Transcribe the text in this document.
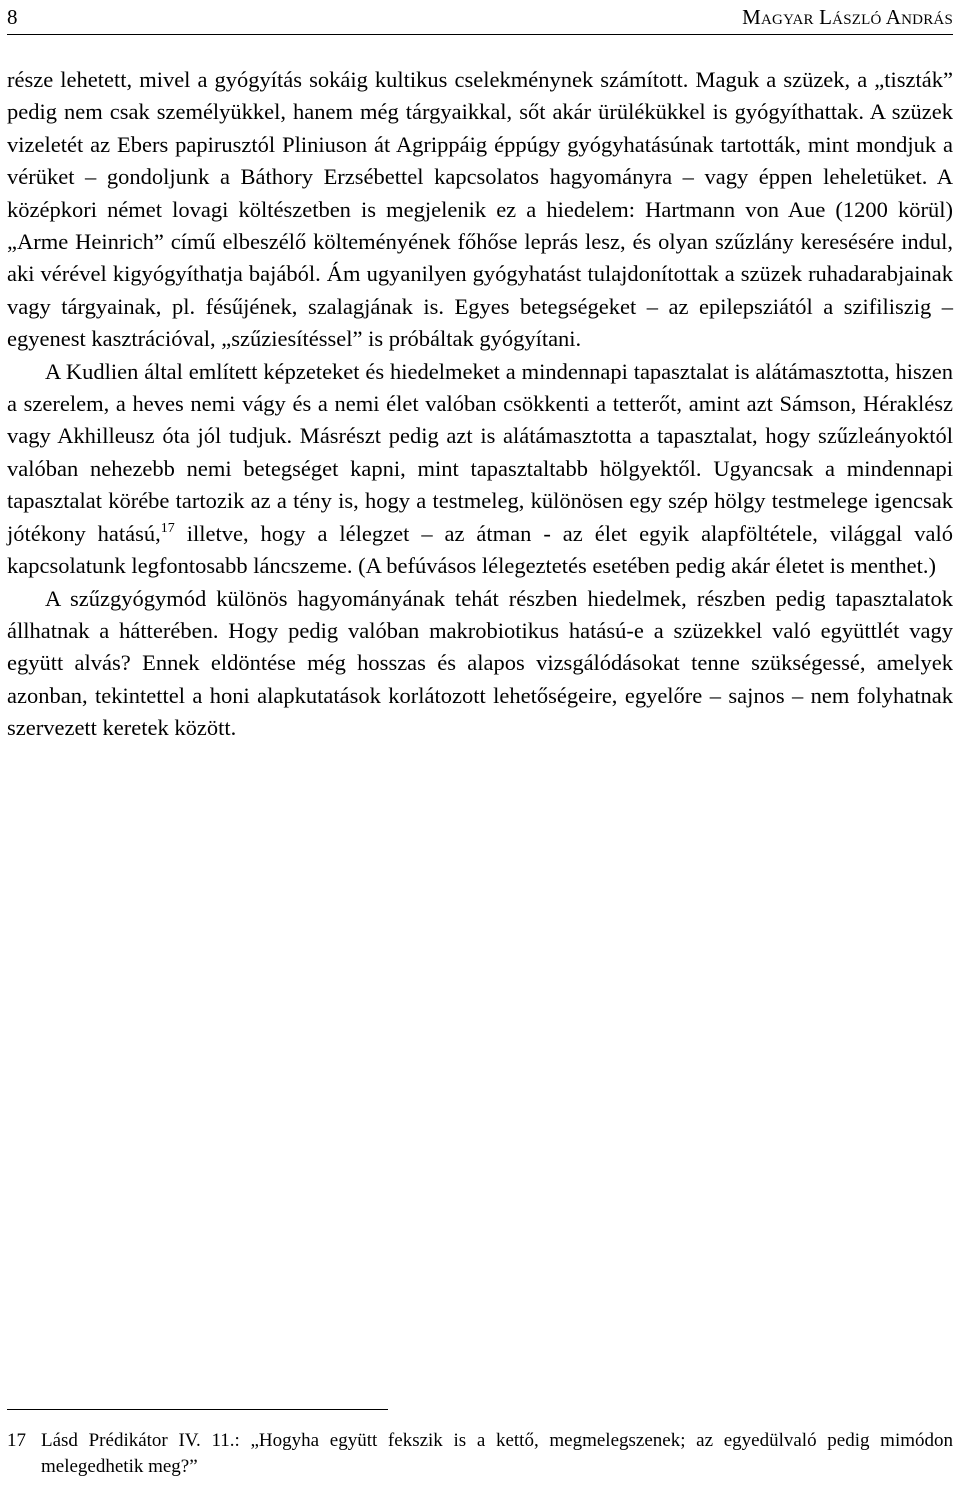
8	Magyar László András

része lehetett, mivel a gyógyítás sokáig kultikus cselekménynek számított. Maguk a szüzek, a „tiszták” pedig nem csak személyükkel, hanem még tárgyaikkal, sőt akár ürülékükkel is gyógyíthattak. A szüzek vizeletét az Ebers papirusztól Pliniuson át Agrippáig éppúgy gyógyhatásúnak tartották, mint mondjuk a vérüket – gondoljunk a Báthory Erzsébettel kapcsolatos hagyományra – vagy éppen leheletüket. A középkori német lovagi költészetben is megjelenik ez a hiedelem: Hartmann von Aue (1200 körül) „Arme Heinrich” című elbeszélő költeményének főhőse leprás lesz, és olyan szűzlány keresésére indul, aki vérével kigyógyíthatja bajából. Ám ugyanilyen gyógyhatást tulajdonítottak a szüzek ruhadarabjainak vagy tárgyainak, pl. fésűjének, szalagjának is. Egyes betegségeket – az epilepsziától a szifiliszig – egyenest kasztrációval, „szűziesítéssel” is próbáltak gyógyítani.

A Kudlien által említett képzeteket és hiedelmeket a mindennapi tapasztalat is alátámasztotta, hiszen a szerelem, a heves nemi vágy és a nemi élet valóban csökkenti a tetterőt, amint azt Sámson, Héraklész vagy Akhilleusz óta jól tudjuk. Másrészt pedig azt is alátámasztotta a tapasztalat, hogy szűzleányoktól valóban nehezebb nemi betegséget kapni, mint tapasztaltabb hölgyektől. Ugyancsak a mindennapi tapasztalat körébe tartozik az a tény is, hogy a testmeleg, különösen egy szép hölgy testmelege igencsak jótékony hatású,$^{17}$ illetve, hogy a lélegzet – az átman - az élet egyik alapföltétele, világgal való kapcsolatunk legfontosabb láncszeme. (A befúvásos lélegeztetés esetében pedig akár életet is menthet.)

A szűzgyógymód különös hagyományának tehát részben hiedelmek, részben pedig tapasztalatok állhatnak a hátterében. Hogy pedig valóban makrobiotikus hatású-e a szüzekkel való együttlét vagy együtt alvás? Ennek eldöntése még hosszas és alapos vizsgálódásokat tenne szükségessé, amelyek azonban, tekintettel a honi alapkutatások korlátozott lehetőségeire, egyelőre – sajnos – nem folyhatnak szervezett keretek között.

17 Lásd Prédikátor IV. 11.: „Hogyha együtt fekszik is a kettő, megmelegszenek; az egyedülvaló pedig mimódon melegedhetik meg?”
